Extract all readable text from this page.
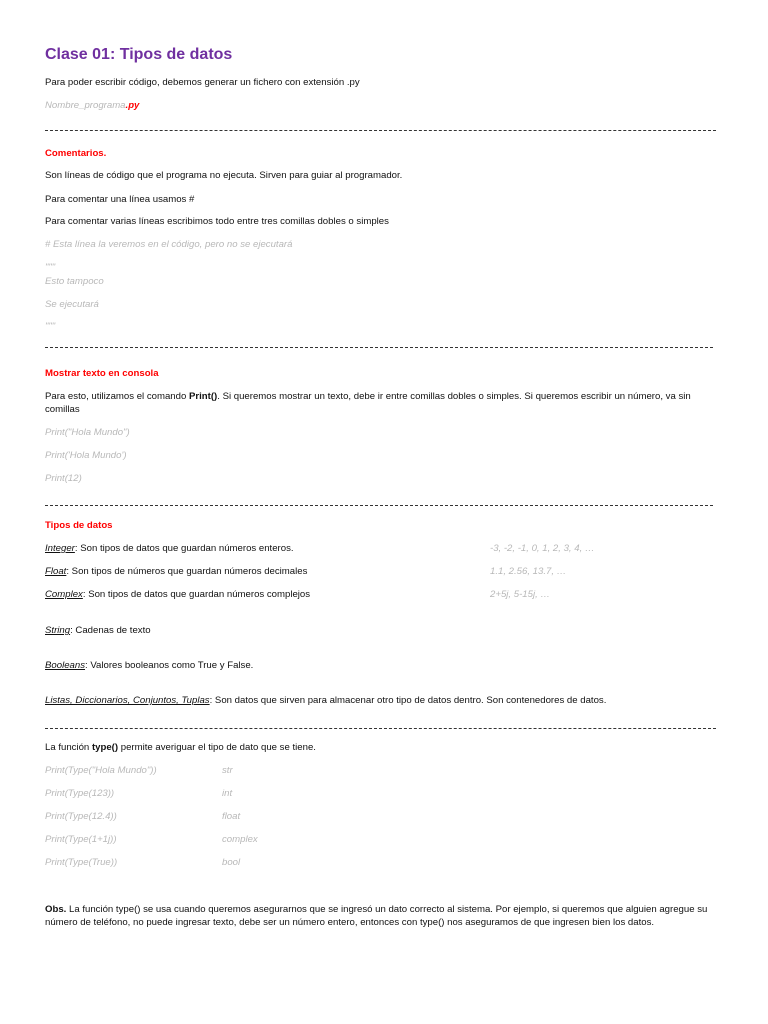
Clase 01: Tipos de datos

Para poder escribir código, debemos generar un fichero con extensión .py

Nombre_programa.py

Comentarios.

Son líneas de código que el programa no ejecuta. Sirven para guiar al programador.

Para comentar una línea usamos #

Para comentar varias líneas escribimos todo entre tres comillas dobles o simples

# Esta línea la veremos en el código, pero no se ejecutará

"""

Esto tampoco

Se ejecutará

"""

Mostrar texto en consola

Para esto, utilizamos el comando Print(). Si queremos mostrar un texto, debe ir entre comillas dobles o simples. Si queremos escribir un número, va sin comillas

Print("Hola Mundo")

Print('Hola Mundo')

Print(12)

Tipos de datos

Integer: Son tipos de datos que guardan números enteros.	-3, -2, -1, 0, 1, 2, 3, 4, …

Float: Son tipos de números que guardan números decimales	1.1, 2.56, 13.7, …

Complex: Son tipos de datos que guardan números complejos	2+5j, 5-15j, …

String: Cadenas de texto

Booleans: Valores booleanos como True y False.

Listas, Diccionarios, Conjuntos, Tuplas: Son datos que sirven para almacenar otro tipo de datos dentro. Son contenedores de datos.

La función type() permite averiguar el tipo de dato que se tiene.

Print(Type("Hola Mundo"))	str

Print(Type(123))	int

Print(Type(12.4))	float

Print(Type(1+1j))	complex

Print(Type(True))	bool

Obs. La función type() se usa cuando queremos asegurarnos que se ingresó un dato correcto al sistema. Por ejemplo, si queremos que alguien agregue su número de teléfono, no puede ingresar texto, debe ser un número entero, entonces con type() nos aseguramos de que ingresen bien los datos.
